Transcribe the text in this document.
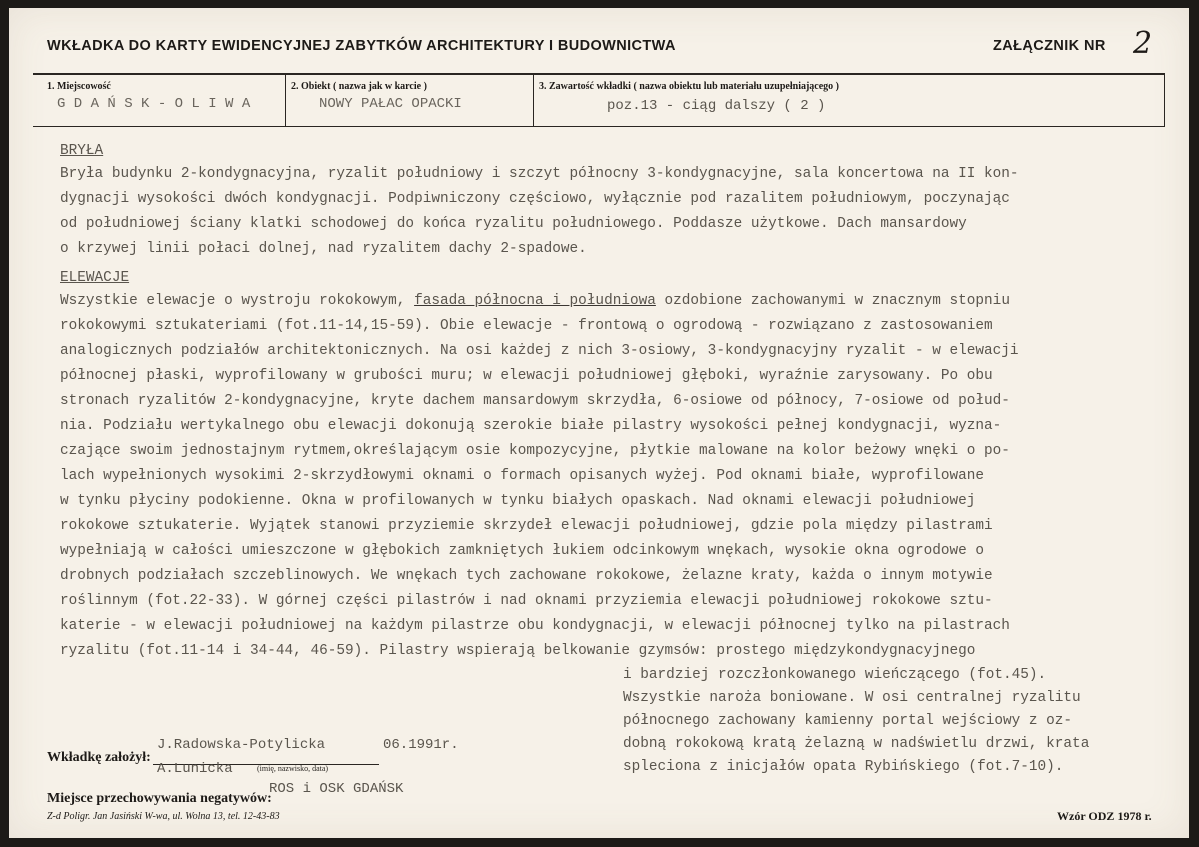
WKŁADKA DO KARTY EWIDENCYJNEJ ZABYTKÓW ARCHITEKTURY I BUDOWNICTWA	ZAŁĄCZNIK NR 2
1. Miejscowość
G D A Ń S K - O L I W A
2. Obiekt ( nazwa jak w karcie )
NOWY PAŁAC OPACKI
3. Zawartość wkładki ( nazwa obiektu lub materiału uzupełniającego )
poz.13 - ciąg dalszy ( 2 )
BRYŁA
Bryła budynku 2-kondygnacyjna, ryzalit południowy i szczyt północny 3-kondygnacyjne, sala koncertowa na II kon-
dygnacji wysokości dwóch kondygnacji. Podpiwniczony częściowo, wyłącznie pod razalitem południowym, poczynając
od południowej ściany klatki schodowej do końca ryzalitu południowego. Poddasze użytkowe. Dach mansardowy
o krzywej linii połaci dolnej, nad ryzalitem dachy 2-spadowe.
ELEWACJE
Wszystkie elewacje o wystroju rokokowym, fasada północna i południowa ozdobione zachowanymi w znacznym stopniu
rokokowymi sztukateriami (fot.11-14,15-59). Obie elewacje - frontową o ogrodową - rozwiązano z zastosowaniem
analogicznych podziałów architektonicznych. Na osi każdej z nich 3-osiowy, 3-kondygnacyjny ryzalit - w elewacji
północnej płaski, wyprofilowany w grubości muru; w elewacji południowej głęboki, wyraźnie zarysowany. Po obu
stronach ryzalitów 2-kondygnacyjne, kryte dachem mansardowym skrzydła, 6-osiowe od północy, 7-osiowe od połud-
nia. Podziału wertykalnego obu elewacji dokonują szerokie białe pilastry wysokości pełnej kondygnacji, wyzna-
czające swoim jednostajnym rytmem,określającym osie kompozycyjne, płytkie malowane na kolor beżowy wnęki o po-
lach wypełnionych wysokimi 2-skrzydłowymi oknami o formach opisanych wyżej. Pod oknami białe, wyprofilowane
w tynku płyciny podokienne. Okna w profilowanych w tynku białych opaskach. Nad oknami elewacji południowej
rokokowe sztukaterie. Wyjątek stanowi przyziemie skrzydeł elewacji południowej, gdzie pola między pilastrami
wypełniają w całości umieszczone w głębokich zamkniętych łukiem odcinkowym wnękach, wysokie okna ogrodowe o
drobnych podziałach szczeblinowych. We wnękach tych zachowane rokokowe, żelazne kraty, każda o innym motywie
roślinnym (fot.22-33). W górnej części pilastrów i nad oknami przyziemia elewacji południowej rokokowe sztu-
katerie - w elewacji południowej na każdym pilastrze obu kondygnacji, w elewacji północnej tylko na pilastrach
ryzalitu (fot.11-14 i 34-44, 46-59). Pilastry wspierają belkowanie gzymsów: prostego międzykondygnacyjnego
i bardziej rozczłonkowanego wieńczącego (fot.45).
Wszystkie naroża boniowane. W osi centralnej ryzalitu
północnego zachowany kamienny portal wejściowy z oz-
dobną rokokową kratą żelazną w nadświetlu drzwi, krata
spleciona z inicjałów opata Rybińskiego (fot.7-10).
J.Radowska-Potylicka	06.1991r.
Wkładkę założył:
A.Lunicka	(imię, nazwisko, data)
ROS i OSK GDAŃSK
Miejsce przechowywania negatywów:
Z-d Poligr. Jan Jasiński W-wa, ul. Wolna 13, tel. 12-43-83	Wzór ODZ 1978 r.
